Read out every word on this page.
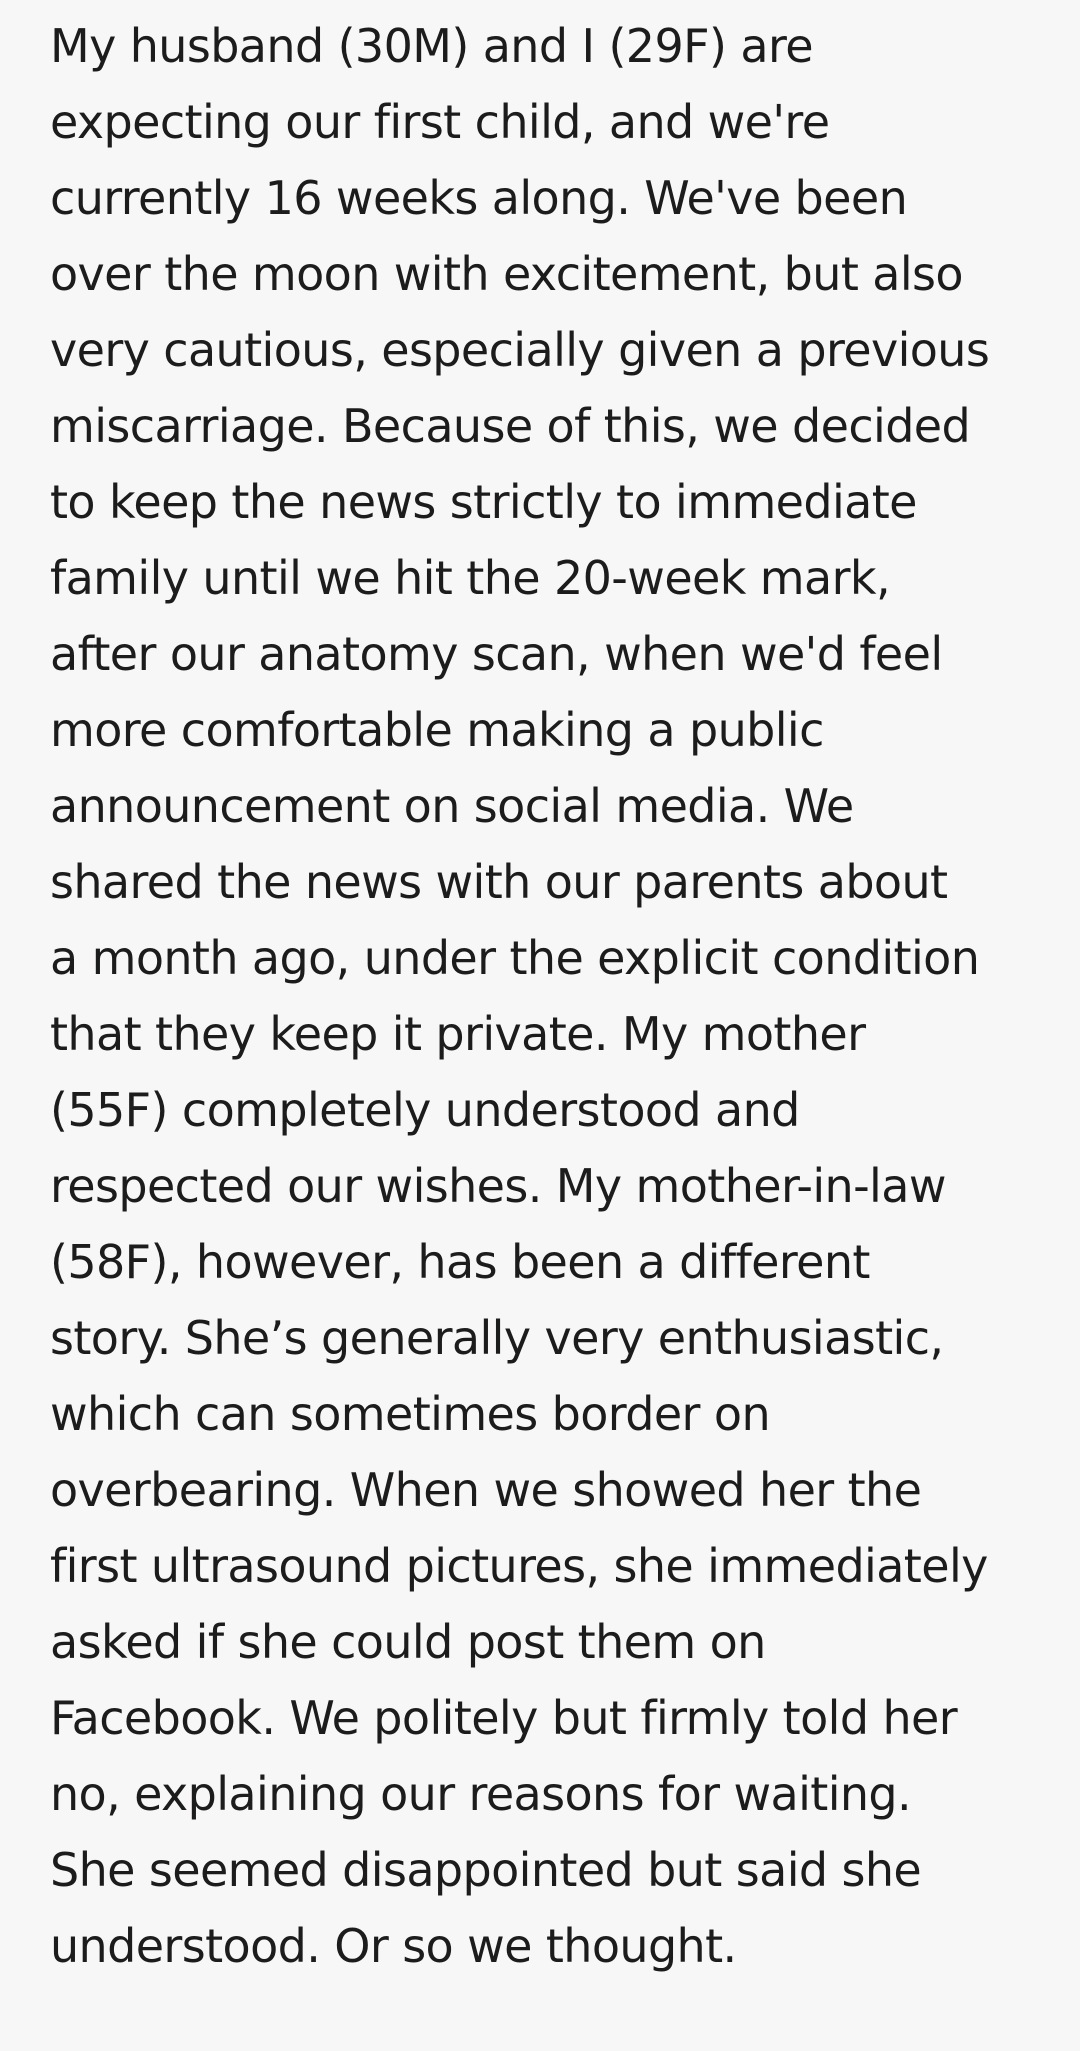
My husband (30M) and I (29F) are
expecting our first child, and we're
currently 16 weeks along. We've been
over the moon with excitement, but also
very cautious, especially given a previous
miscarriage. Because of this, we decided
to keep the news strictly to immediate
family until we hit the 20-week mark,
after our anatomy scan, when we'd feel
more comfortable making a public
announcement on social media. We
shared the news with our parents about
a month ago, under the explicit condition
that they keep it private. My mother
(55F) completely understood and
respected our wishes. My mother-in-law
(58F), however, has been a different
story. She’s generally very enthusiastic,
which can sometimes border on
overbearing. When we showed her the
first ultrasound pictures, she immediately
asked if she could post them on
Facebook. We politely but firmly told her
no, explaining our reasons for waiting.
She seemed disappointed but said she
understood. Or so we thought.
